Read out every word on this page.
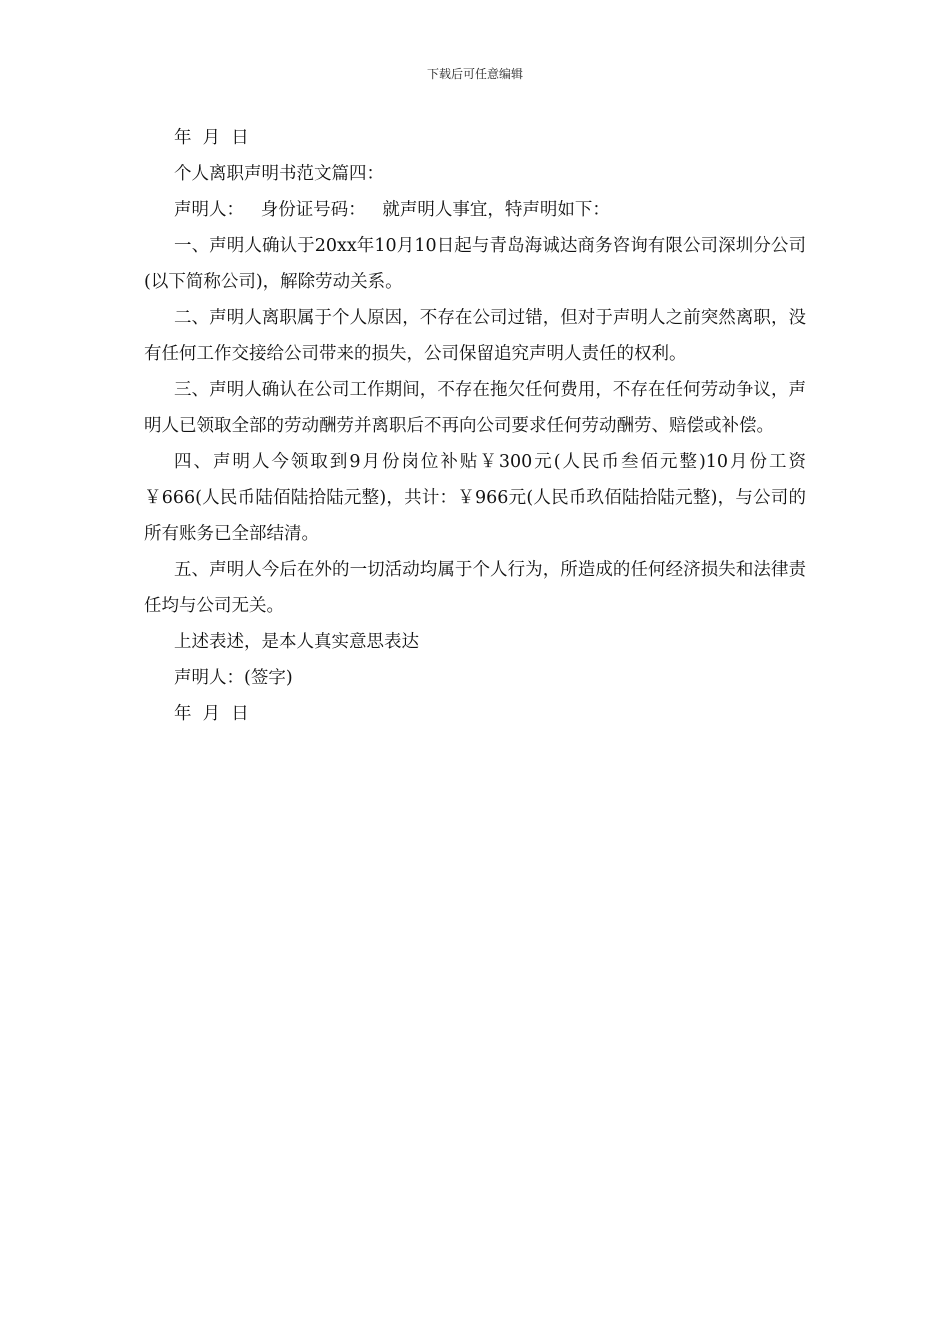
下载后可任意编辑

年  月  日

个人离职声明书范文篇四：

声明人：   身份证号码：   就声明人事宜，特声明如下：

一、声明人确认于20xx年10月10日起与青岛海诚达商务咨询有限公司深圳分公司(以下简称公司)，解除劳动关系。

二、声明人离职属于个人原因，不存在公司过错，但对于声明人之前突然离职，没有任何工作交接给公司带来的损失，公司保留追究声明人责任的权利。

三、声明人确认在公司工作期间，不存在拖欠任何费用，不存在任何劳动争议，声明人已领取全部的劳动酬劳并离职后不再向公司要求任何劳动酬劳、赔偿或补偿。

四、声明人今领取到9月份岗位补贴￥300元(人民币叁佰元整)10月份工资￥666(人民币陆佰陆拾陆元整)，共计：￥966元(人民币玖佰陆拾陆元整)，与公司的所有账务已全部结清。

五、声明人今后在外的一切活动均属于个人行为，所造成的任何经济损失和法律责任均与公司无关。

上述表述，是本人真实意思表达

声明人：(签字)

年  月  日
